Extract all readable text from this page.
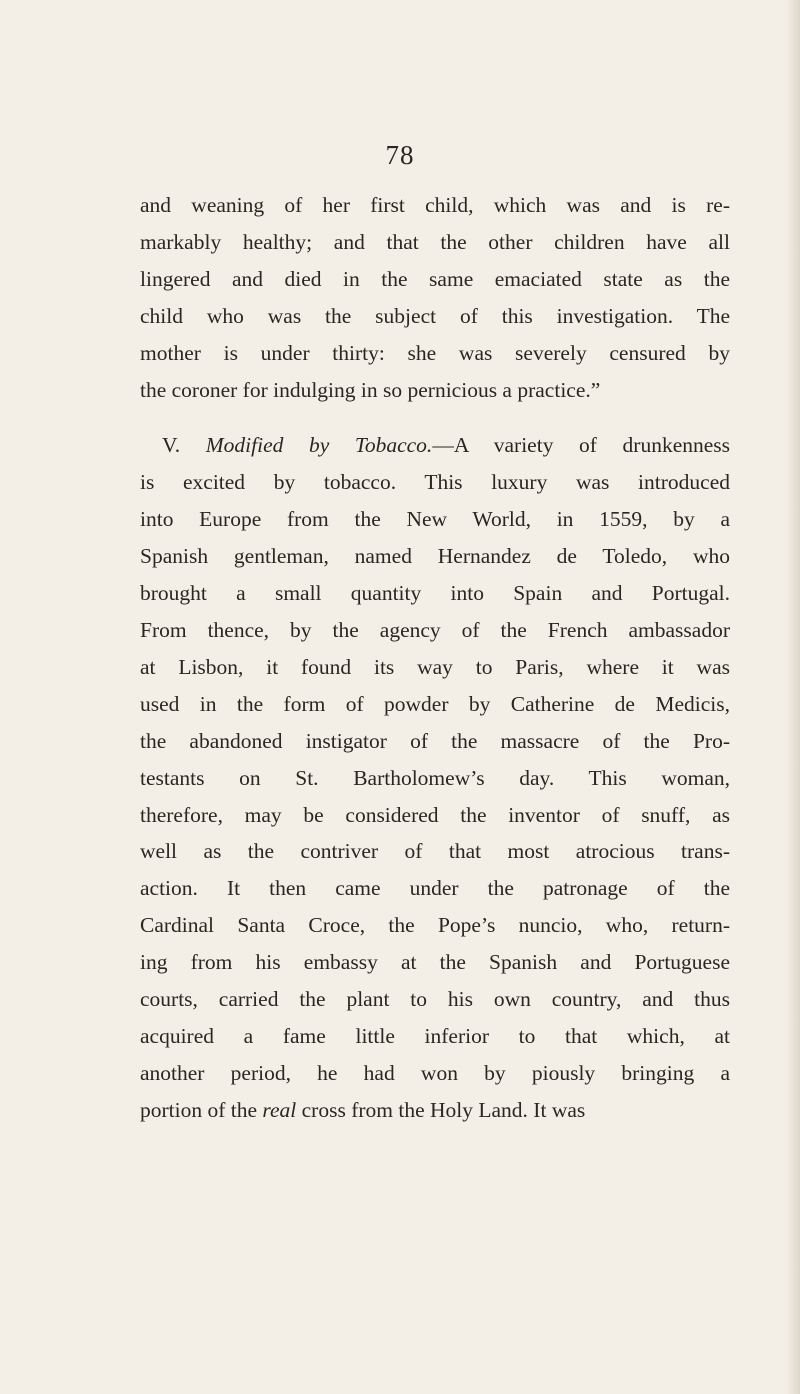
78
and weaning of her first child, which was and is re-
markably healthy; and that the other children have all
lingered and died in the same emaciated state as the
child who was the subject of this investigation. The
mother is under thirty: she was severely censured by
the coroner for indulging in so pernicious a practice.”
V. Modified by Tobacco.—A variety of drunkenness
is excited by tobacco. This luxury was introduced
into Europe from the New World, in 1559, by a
Spanish gentleman, named Hernandez de Toledo, who
brought a small quantity into Spain and Portugal.
From thence, by the agency of the French ambassador
at Lisbon, it found its way to Paris, where it was
used in the form of powder by Catherine de Medicis,
the abandoned instigator of the massacre of the Pro-
testants on St. Bartholomew’s day. This woman,
therefore, may be considered the inventor of snuff, as
well as the contriver of that most atrocious trans-
action. It then came under the patronage of the
Cardinal Santa Croce, the Pope’s nuncio, who, return-
ing from his embassy at the Spanish and Portuguese
courts, carried the plant to his own country, and thus
acquired a fame little inferior to that which, at
another period, he had won by piously bringing a
portion of the real cross from the Holy Land. It was
